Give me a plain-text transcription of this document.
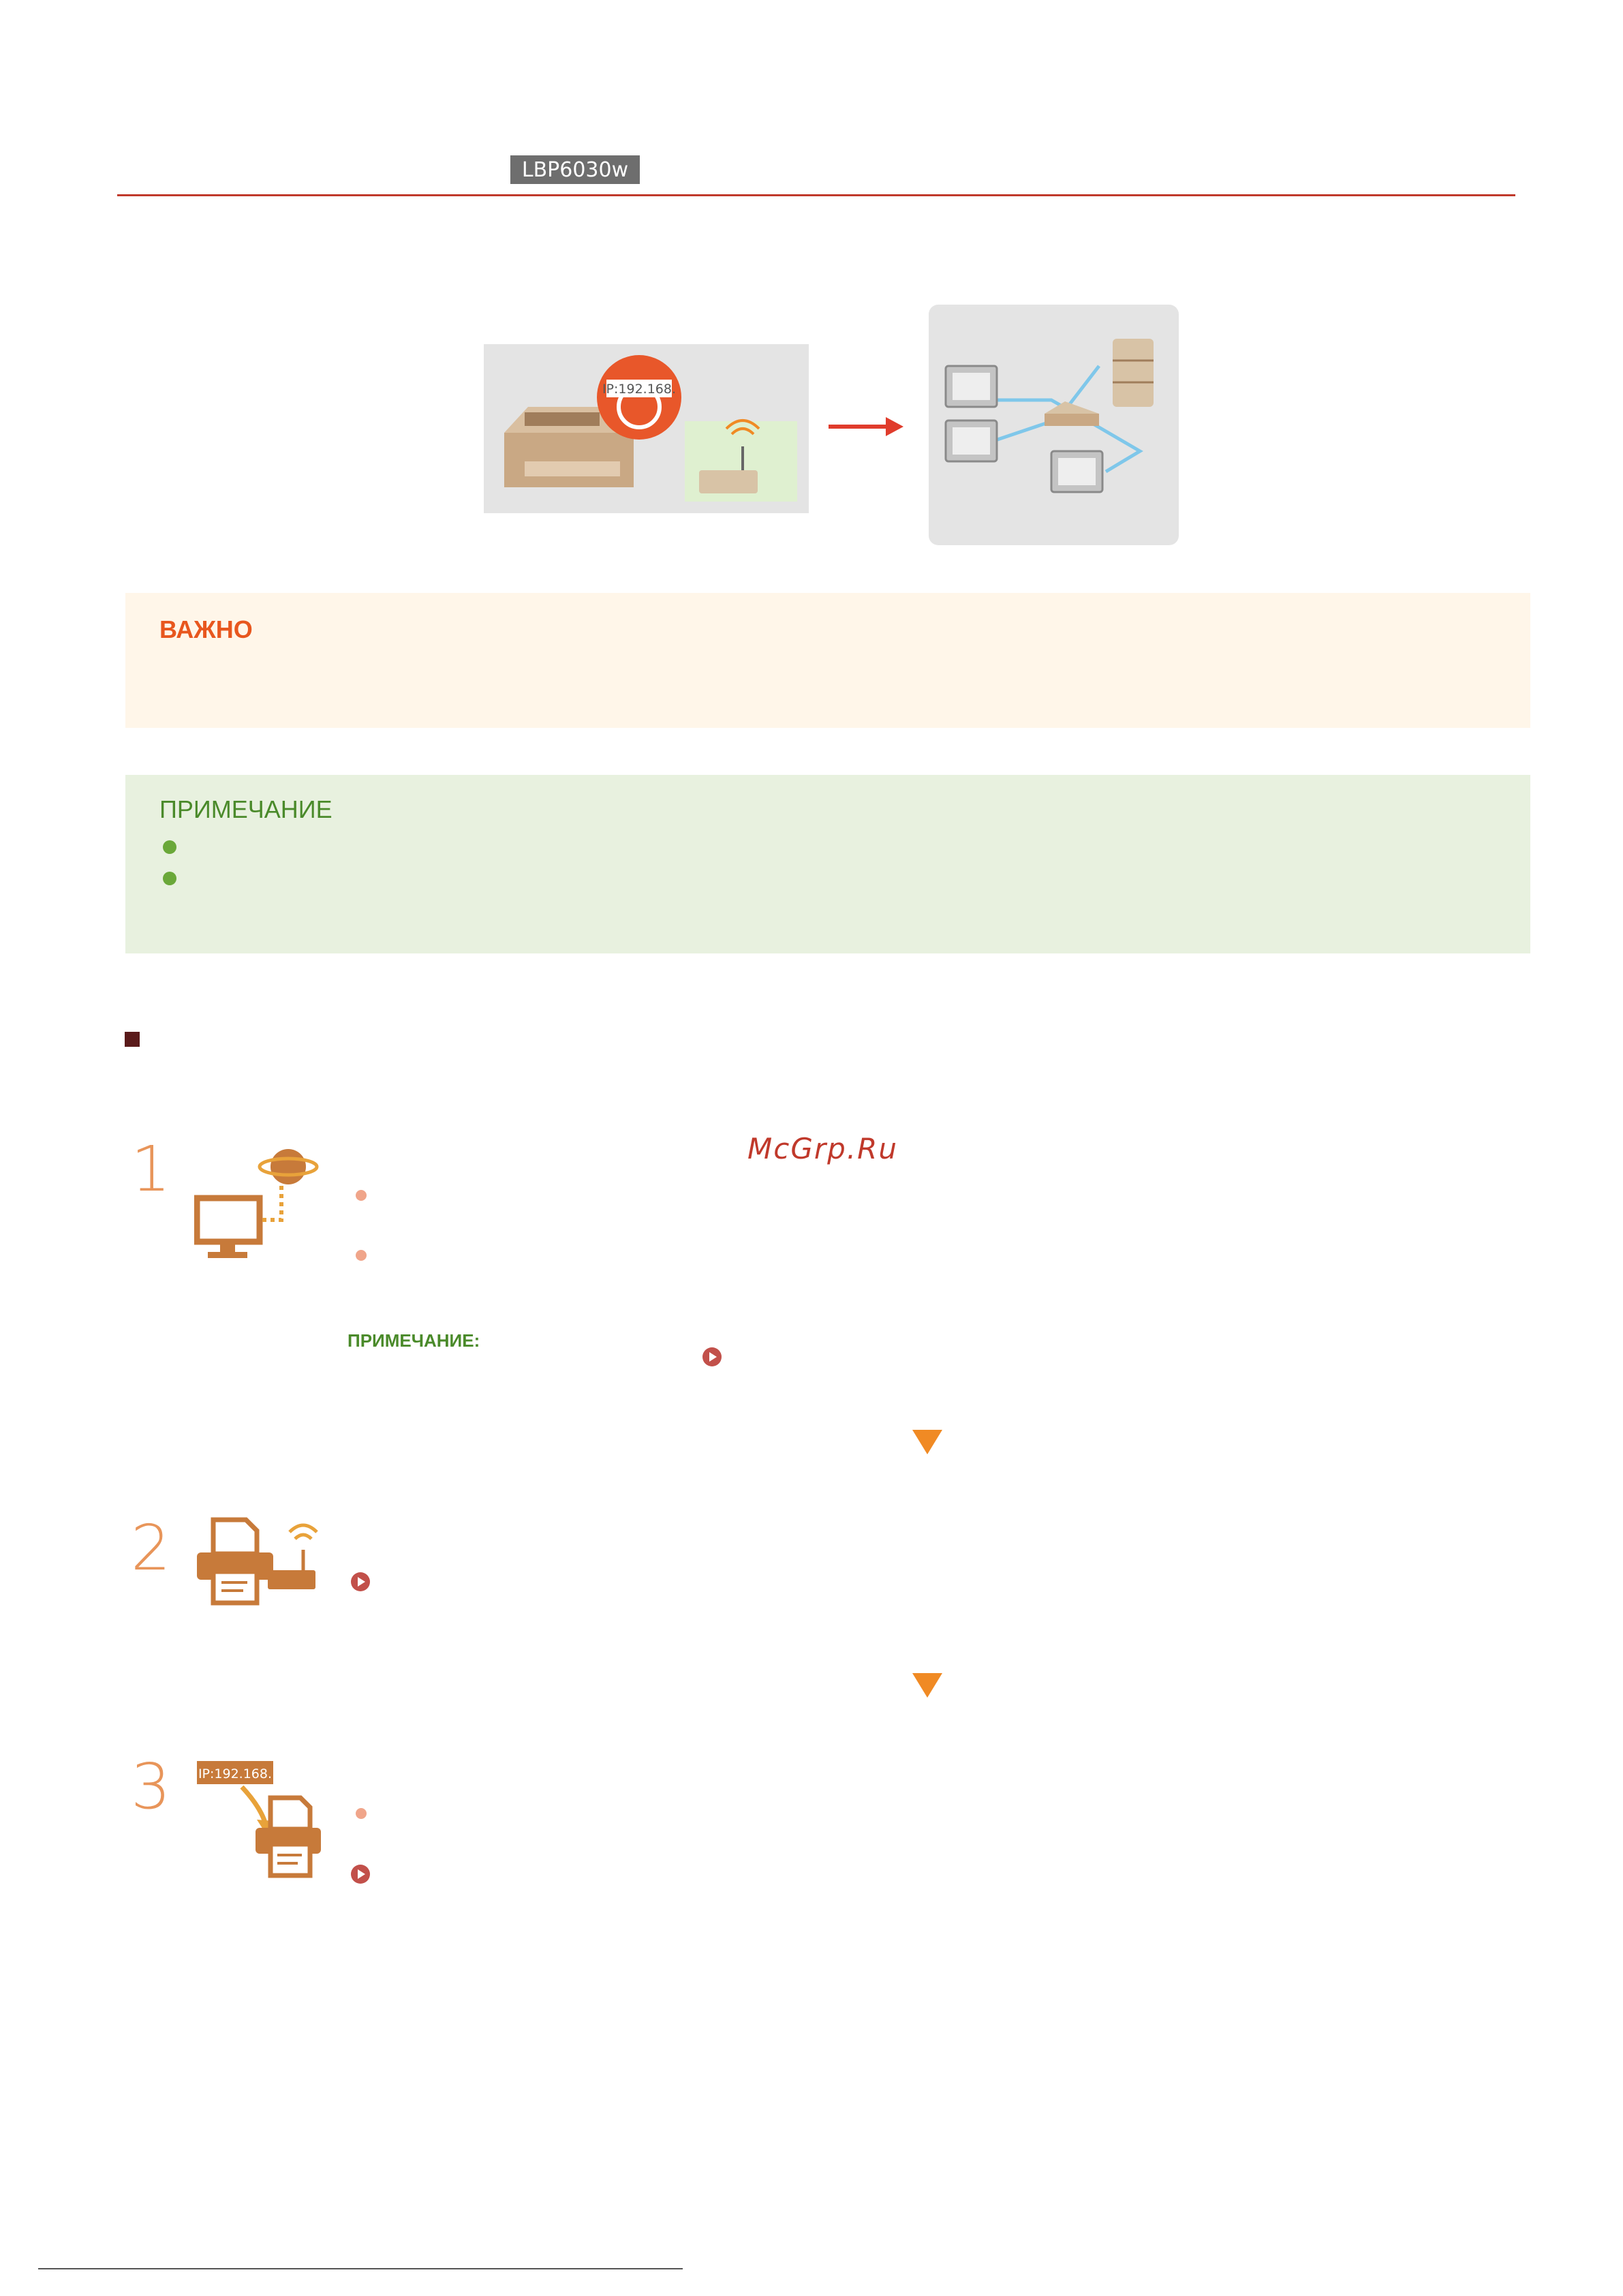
LBP6030w
IP:192.168.
ВАЖНО
ПРИМЕЧАНИЕ
McGrp.Ru
1
ПРИМЕЧАНИЕ:
2
3 IP:192.168.
